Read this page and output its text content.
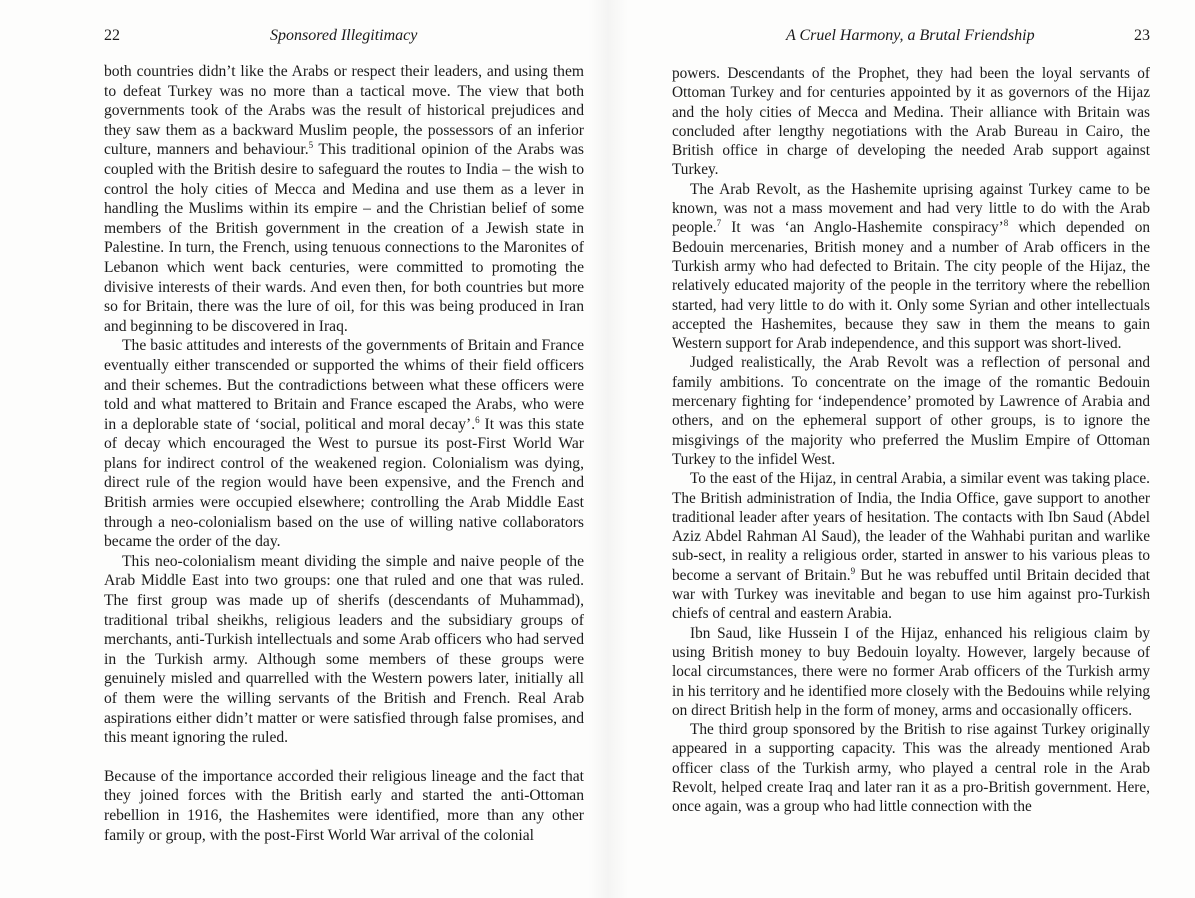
22	Sponsored Illegitimacy

both countries didn’t like the Arabs or respect their leaders, and using them to defeat Turkey was no more than a tactical move. The view that both governments took of the Arabs was the result of historical prejudices and they saw them as a backward Muslim people, the possessors of an inferior culture, manners and behaviour.$^5$ This traditional opinion of the Arabs was coupled with the British desire to safeguard the routes to India – the wish to control the holy cities of Mecca and Medina and use them as a lever in handling the Muslims within its empire – and the Christian belief of some members of the British government in the creation of a Jewish state in Palestine. In turn, the French, using tenuous connections to the Maronites of Lebanon which went back centuries, were committed to promoting the divisive interests of their wards. And even then, for both countries but more so for Britain, there was the lure of oil, for this was being produced in Iran and beginning to be discovered in Iraq.

The basic attitudes and interests of the governments of Britain and France eventually either transcended or supported the whims of their field officers and their schemes. But the contradictions between what these officers were told and what mattered to Britain and France escaped the Arabs, who were in a deplorable state of ‘social, political and moral decay’.$^6$ It was this state of decay which encouraged the West to pursue its post-First World War plans for indirect control of the weakened region. Colonialism was dying, direct rule of the region would have been expensive, and the French and British armies were occupied elsewhere; controlling the Arab Middle East through a neo-colonialism based on the use of willing native collaborators became the order of the day.

This neo-colonialism meant dividing the simple and naive people of the Arab Middle East into two groups: one that ruled and one that was ruled. The first group was made up of sherifs (descendants of Muhammad), traditional tribal sheikhs, religious leaders and the subsidiary groups of merchants, anti-Turkish intellectuals and some Arab officers who had served in the Turkish army. Although some members of these groups were genuinely misled and quarrelled with the Western powers later, initially all of them were the willing servants of the British and French. Real Arab aspirations either didn’t matter or were satisfied through false promises, and this meant ignoring the ruled.

Because of the importance accorded their religious lineage and the fact that they joined forces with the British early and started the anti-Ottoman rebellion in 1916, the Hashemites were identified, more than any other family or group, with the post-First World War arrival of the colonial

A Cruel Harmony, a Brutal Friendship	23

powers. Descendants of the Prophet, they had been the loyal servants of Ottoman Turkey and for centuries appointed by it as governors of the Hijaz and the holy cities of Mecca and Medina. Their alliance with Britain was concluded after lengthy negotiations with the Arab Bureau in Cairo, the British office in charge of developing the needed Arab support against Turkey.

The Arab Revolt, as the Hashemite uprising against Turkey came to be known, was not a mass movement and had very little to do with the Arab people.$^7$ It was ‘an Anglo-Hashemite conspiracy’$^8$ which depended on Bedouin mercenaries, British money and a number of Arab officers in the Turkish army who had defected to Britain. The city people of the Hijaz, the relatively educated majority of the people in the territory where the rebellion started, had very little to do with it. Only some Syrian and other intellectuals accepted the Hashemites, because they saw in them the means to gain Western support for Arab independence, and this support was short-lived.

Judged realistically, the Arab Revolt was a reflection of personal and family ambitions. To concentrate on the image of the romantic Bedouin mercenary fighting for ‘independence’ promoted by Lawrence of Arabia and others, and on the ephemeral support of other groups, is to ignore the misgivings of the majority who preferred the Muslim Empire of Ottoman Turkey to the infidel West.

To the east of the Hijaz, in central Arabia, a similar event was taking place. The British administration of India, the India Office, gave support to another traditional leader after years of hesitation. The contacts with Ibn Saud (Abdel Aziz Abdel Rahman Al Saud), the leader of the Wahhabi puritan and warlike sub-sect, in reality a religious order, started in answer to his various pleas to become a servant of Britain.$^9$ But he was rebuffed until Britain decided that war with Turkey was inevitable and began to use him against pro-Turkish chiefs of central and eastern Arabia.

Ibn Saud, like Hussein I of the Hijaz, enhanced his religious claim by using British money to buy Bedouin loyalty. However, largely because of local circumstances, there were no former Arab officers of the Turkish army in his territory and he identified more closely with the Bedouins while relying on direct British help in the form of money, arms and occasionally officers.

The third group sponsored by the British to rise against Turkey originally appeared in a supporting capacity. This was the already mentioned Arab officer class of the Turkish army, who played a central role in the Arab Revolt, helped create Iraq and later ran it as a pro-British government. Here, once again, was a group who had little connection with the
